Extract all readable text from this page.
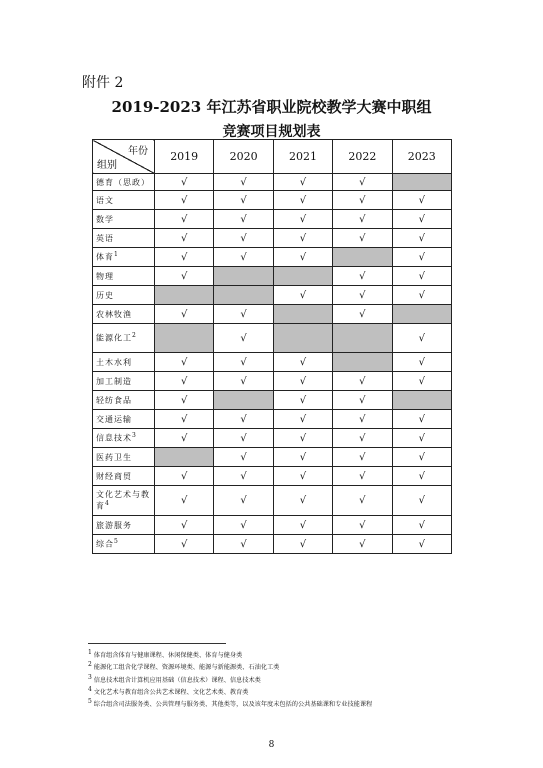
附件 2
2019-2023 年江苏省职业院校教学大赛中职组
竞赛项目规划表
年份
组别	2019	2020	2021	2022	2023
德育（思政）	√	√	√	√	
语文	√	√	√	√	√
数学	√	√	√	√	√
英语	√	√	√	√	√
体育$^1$	√	√	√		√
物理	√			√	√
历史			√	√	√
农林牧渔	√	√		√	
能源化工$^2$		√			√
土木水利	√	√	√		√
加工制造	√	√	√	√	√
轻纺食品	√		√	√	
交通运输	√	√	√	√	√
信息技术$^3$	√	√	√	√	√
医药卫生		√	√	√	√
财经商贸	√	√	√	√	√
文化艺术与教育$^4$	√	√	√	√	√
旅游服务	√	√	√	√	√
综合$^5$	√	√	√	√	√
$^1$ 体育组含体育与健康课程、休闲保健类、体育与健身类
$^2$ 能源化工组含化学课程、资源环境类、能源与新能源类、石油化工类
$^3$ 信息技术组含计算机应用基础（信息技术）课程、信息技术类
$^4$ 文化艺术与教育组含公共艺术课程、文化艺术类、教育类
$^5$ 综合组含司法服务类、公共管理与服务类、其他类等，以及该年度未包括的公共基础课和专业技能课程
8
